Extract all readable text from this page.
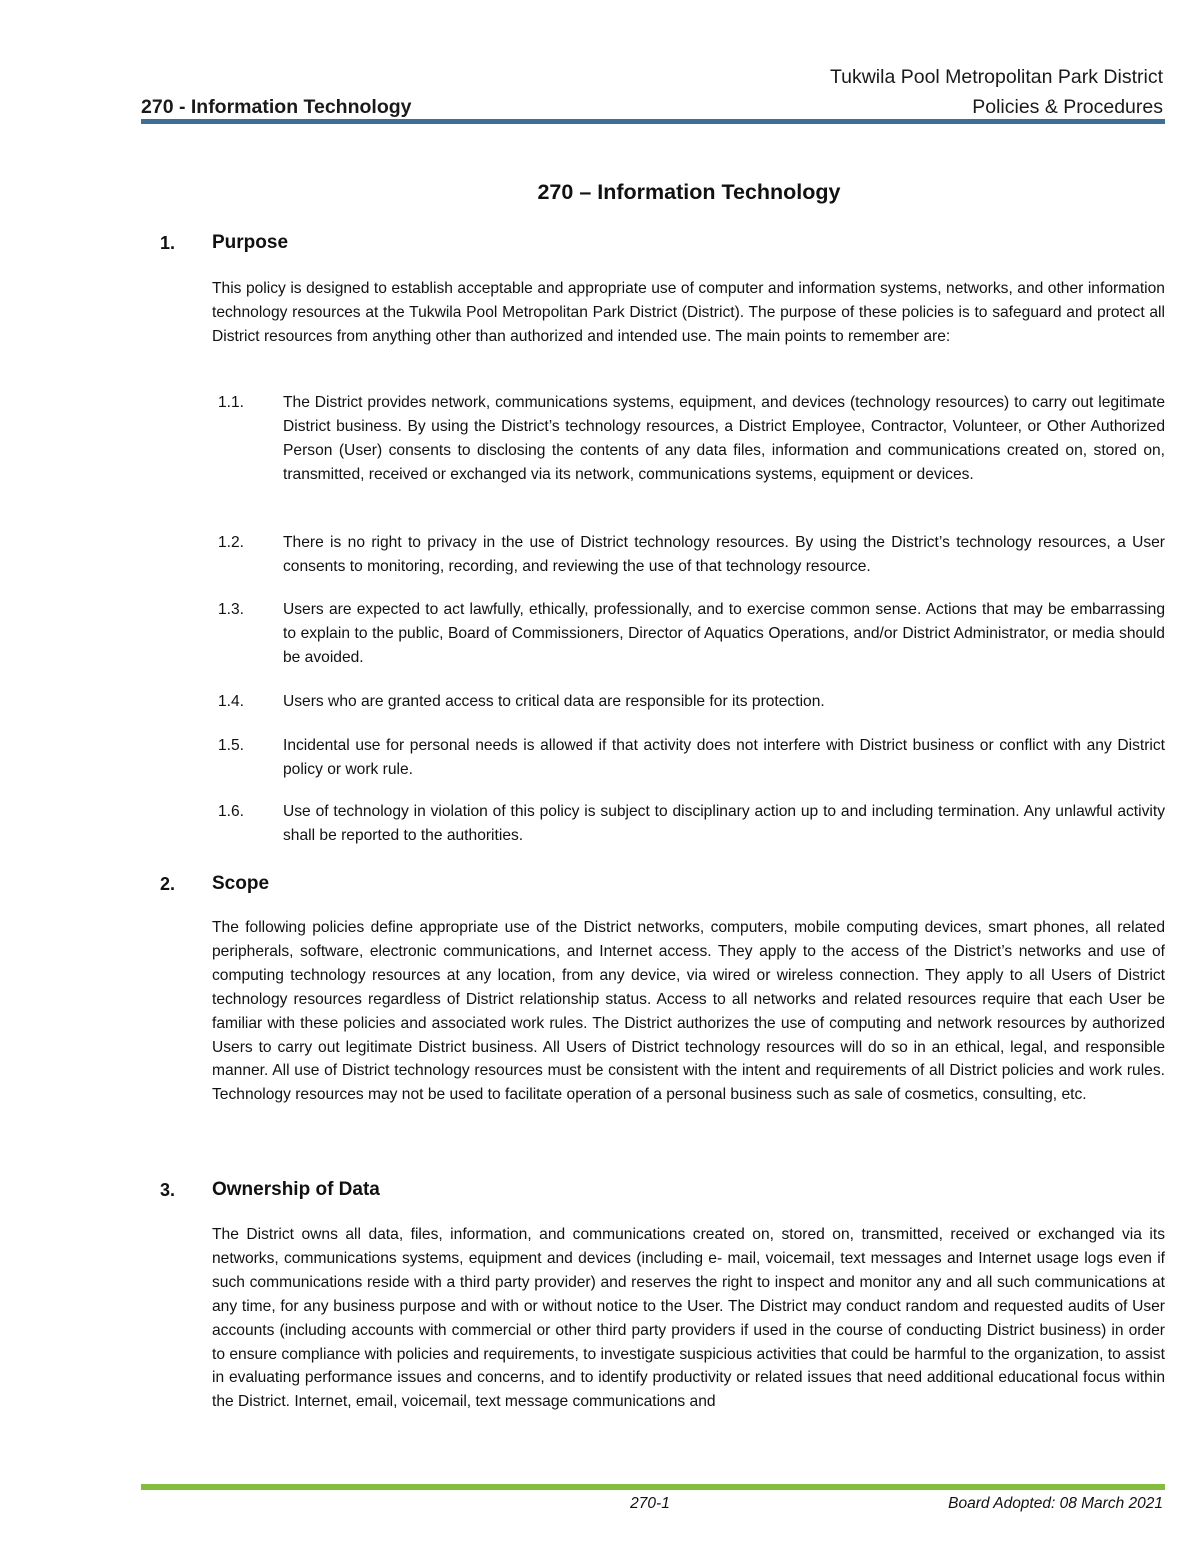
Tukwila Pool Metropolitan Park District
270 - Information Technology	Policies & Procedures
270 – Information Technology
1. Purpose
This policy is designed to establish acceptable and appropriate use of computer and information systems, networks, and other information technology resources at the Tukwila Pool Metropolitan Park District (District). The purpose of these policies is to safeguard and protect all District resources from anything other than authorized and intended use. The main points to remember are:
1.1. The District provides network, communications systems, equipment, and devices (technology resources) to carry out legitimate District business. By using the District’s technology resources, a District Employee, Contractor, Volunteer, or Other Authorized Person (User) consents to disclosing the contents of any data files, information and communications created on, stored on, transmitted, received or exchanged via its network, communications systems, equipment or devices.
1.2. There is no right to privacy in the use of District technology resources. By using the District’s technology resources, a User consents to monitoring, recording, and reviewing the use of that technology resource.
1.3. Users are expected to act lawfully, ethically, professionally, and to exercise common sense. Actions that may be embarrassing to explain to the public, Board of Commissioners, Director of Aquatics Operations, and/or District Administrator, or media should be avoided.
1.4. Users who are granted access to critical data are responsible for its protection.
1.5. Incidental use for personal needs is allowed if that activity does not interfere with District business or conflict with any District policy or work rule.
1.6. Use of technology in violation of this policy is subject to disciplinary action up to and including termination. Any unlawful activity shall be reported to the authorities.
2. Scope
The following policies define appropriate use of the District networks, computers, mobile computing devices, smart phones, all related peripherals, software, electronic communications, and Internet access. They apply to the access of the District’s networks and use of computing technology resources at any location, from any device, via wired or wireless connection. They apply to all Users of District technology resources regardless of District relationship status. Access to all networks and related resources require that each User be familiar with these policies and associated work rules. The District authorizes the use of computing and network resources by authorized Users to carry out legitimate District business. All Users of District technology resources will do so in an ethical, legal, and responsible manner. All use of District technology resources must be consistent with the intent and requirements of all District policies and work rules. Technology resources may not be used to facilitate operation of a personal business such as sale of cosmetics, consulting, etc.
3. Ownership of Data
The District owns all data, files, information, and communications created on, stored on, transmitted, received or exchanged via its networks, communications systems, equipment and devices (including e- mail, voicemail, text messages and Internet usage logs even if such communications reside with a third party provider) and reserves the right to inspect and monitor any and all such communications at any time, for any business purpose and with or without notice to the User. The District may conduct random and requested audits of User accounts (including accounts with commercial or other third party providers if used in the course of conducting District business) in order to ensure compliance with policies and requirements, to investigate suspicious activities that could be harmful to the organization, to assist in evaluating performance issues and concerns, and to identify productivity or related issues that need additional educational focus within the District. Internet, email, voicemail, text message communications and
270-1	Board Adopted: 08 March 2021
